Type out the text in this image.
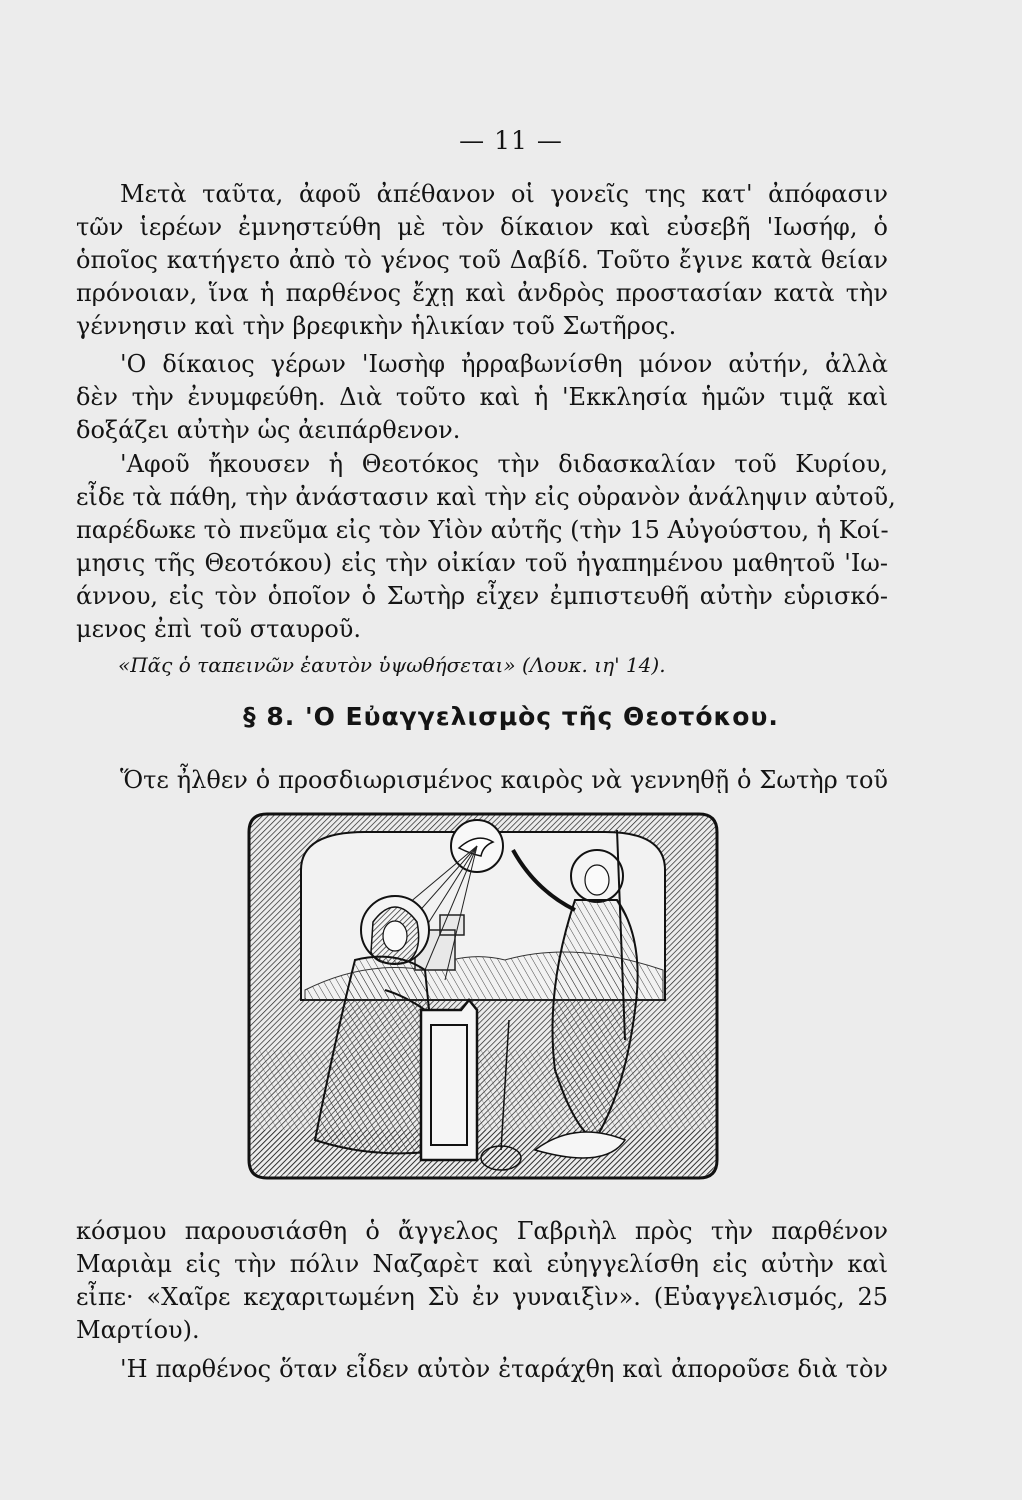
— 11 —
Μετὰ ταῦτα, ἀφοῦ ἀπέθανον οἱ γονεῖς της κατ' ἀπόφασιν
τῶν ἱερέων ἐμνηστεύθη μὲ τὸν δίκαιον καὶ εὐσεβῆ 'Ιωσήφ, ὁ
ὁποῖος κατήγετο ἀπὸ τὸ γένος τοῦ Δαβίδ. Τοῦτο ἔγινε κατὰ θείαν
πρόνοιαν, ἵνα ἡ παρθένος ἔχῃ καὶ ἀνδρὸς προστασίαν κατὰ τὴν
γέννησιν καὶ τὴν βρεφικὴν ἡλικίαν τοῦ Σωτῆρος.
'Ο δίκαιος γέρων 'Ιωσὴφ ἠρραβωνίσθη μόνον αὐτήν, ἀλλὰ
δὲν τὴν ἐνυμφεύθη. Διὰ τοῦτο καὶ ἡ 'Εκκλησία ἡμῶν τιμᾷ καὶ
δοξάζει αὐτὴν ὡς ἀειπάρθενον.
'Αφοῦ ἤκουσεν ἡ Θεοτόκος τὴν διδασκαλίαν τοῦ Κυρίου,
εἶδε τὰ πάθη, τὴν ἀνάστασιν καὶ τὴν εἰς οὐρανὸν ἀνάληψιν αὐτοῦ,
παρέδωκε τὸ πνεῦμα εἰς τὸν Υἱὸν αὐτῆς (τὴν 15 Αὐγούστου, ἡ Κοί-
μησις τῆς Θεοτόκου) εἰς τὴν οἰκίαν τοῦ ἠγαπημένου μαθητοῦ 'Ιω-
άννου, εἰς τὸν ὁποῖον ὁ Σωτὴρ εἶχεν ἐμπιστευθῆ αὐτὴν εὑρισκό-
μενος ἐπὶ τοῦ σταυροῦ.
«Πᾶς ὁ ταπεινῶν ἑαυτὸν ὑψωθήσεται» (Λουκ. ιη' 14).
§ 8. 'Ο Εὐαγγελισμὸς τῆς Θεοτόκου.
Ὅτε ἦλθεν ὁ προσδιωρισμένος καιρὸς νὰ γεννηθῇ ὁ Σωτὴρ τοῦ
κόσμου παρουσιάσθη ὁ ἄγγελος Γαβριὴλ πρὸς τὴν παρθένον
Μαριὰμ εἰς τὴν πόλιν Ναζαρὲτ καὶ εὐηγγελίσθη εἰς αὐτὴν καὶ
εἶπε· «Χαῖρε κεχαριτωμένη Σὺ ἐν γυναιξὶν». (Εὐαγγελισμός, 25
Μαρτίου).
'Η παρθένος ὅταν εἶδεν αὐτὸν ἐταράχθη καὶ ἀποροῦσε διὰ τὸν
